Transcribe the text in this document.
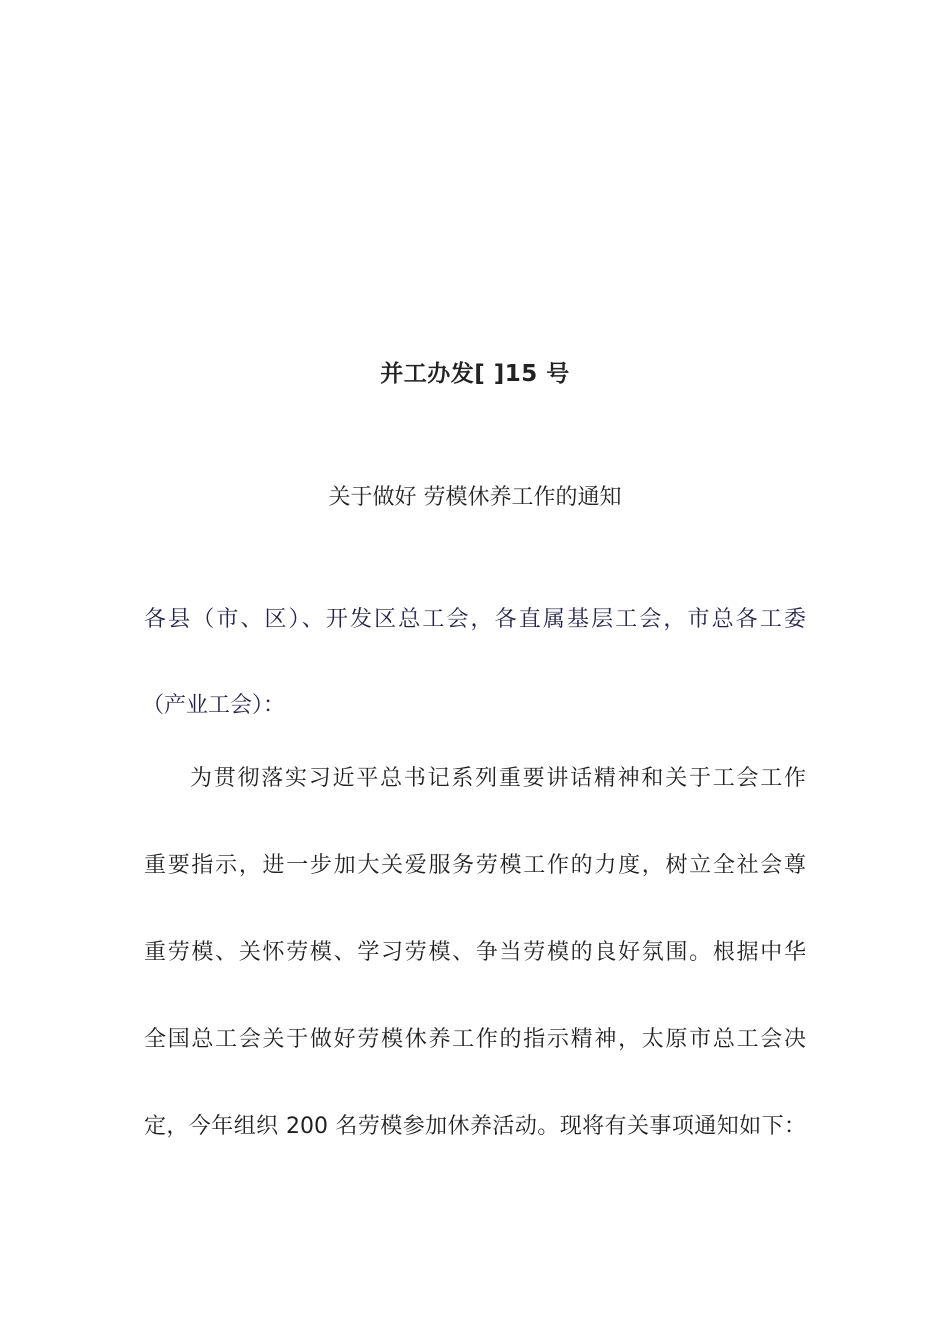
并工办发[ ]15 号
关于做好 劳模休养工作的通知
各县（市、区）、开发区总工会，各直属基层工会，市总各工委
（产业工会）：
为贯彻落实习近平总书记系列重要讲话精神和关于工会工作
重要指示，进一步加大关爱服务劳模工作的力度，树立全社会尊
重劳模、关怀劳模、学习劳模、争当劳模的良好氛围。根据中华
全国总工会关于做好劳模休养工作的指示精神，太原市总工会决
定，今年组织 200 名劳模参加休养活动。现将有关事项通知如下：
